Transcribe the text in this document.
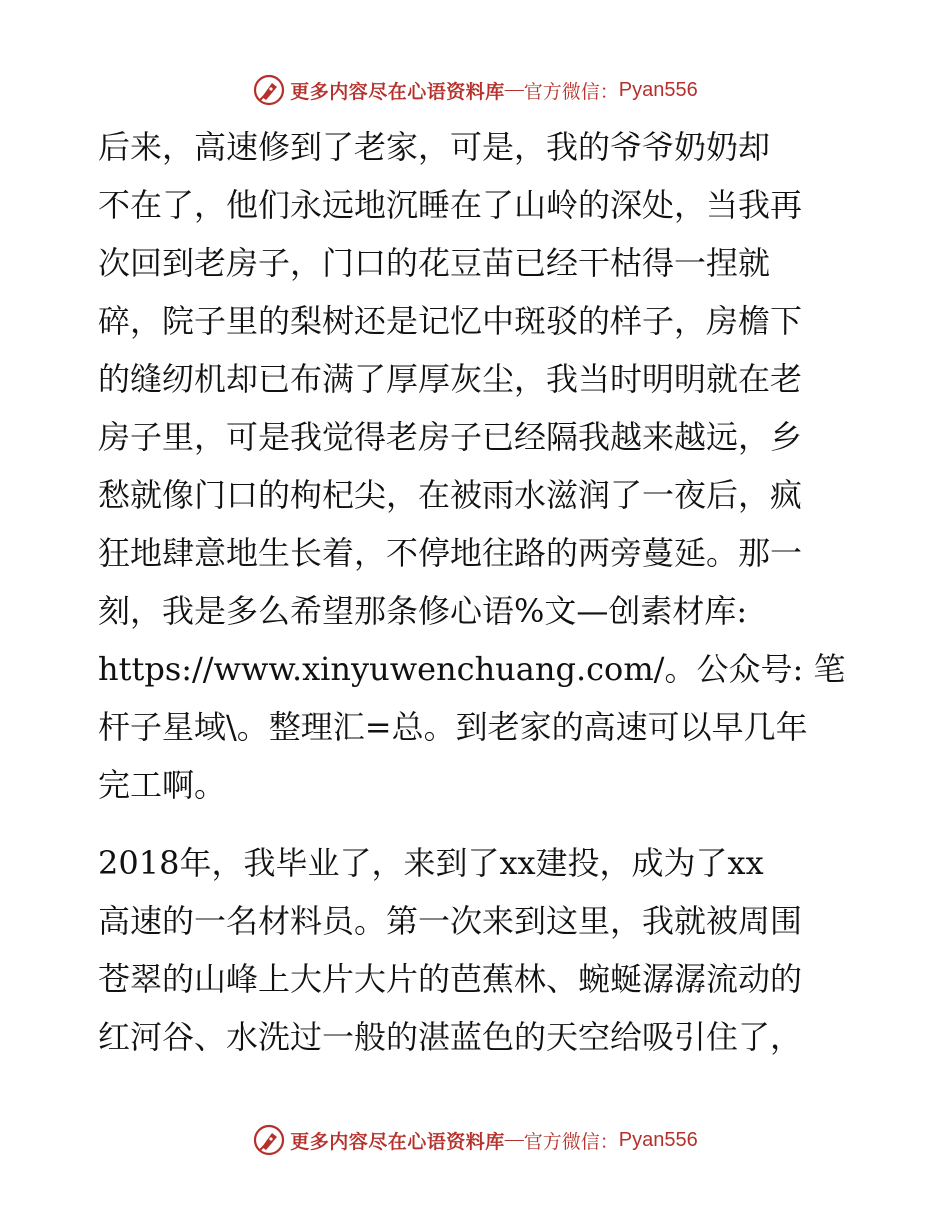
更多内容尽在心语资料库 — 官方微信： Pyan556
后来，高速修到了老家，可是，我的爷爷奶奶却
不在了，他们永远地沉睡在了山岭的深处，当我再
次回到老房子，门口的花豆苗已经干枯得一捏就
碎，院子里的梨树还是记忆中斑驳的样子，房檐下
的缝纫机却已布满了厚厚灰尘，我当时明明就在老
房子里，可是我觉得老房子已经隔我越来越远，乡
愁就像门口的枸杞尖，在被雨水滋润了一夜后，疯
狂地肆意地生长着，不停地往路的两旁蔓延。那一
刻，我是多么希望那条修心语%文—创素材库:
https://www.xinyuwenchuang.com/。公众号: 笔
杆子星域\。整理汇=总。到老家的高速可以早几年
完工啊。
2018年，我毕业了，来到了xx建投，成为了xx
高速的一名材料员。第一次来到这里，我就被周围
苍翠的山峰上大片大片的芭蕉林、蜿蜒潺潺流动的
红河谷、水洗过一般的湛蓝色的天空给吸引住了，
更多内容尽在心语资料库 — 官方微信： Pyan556
